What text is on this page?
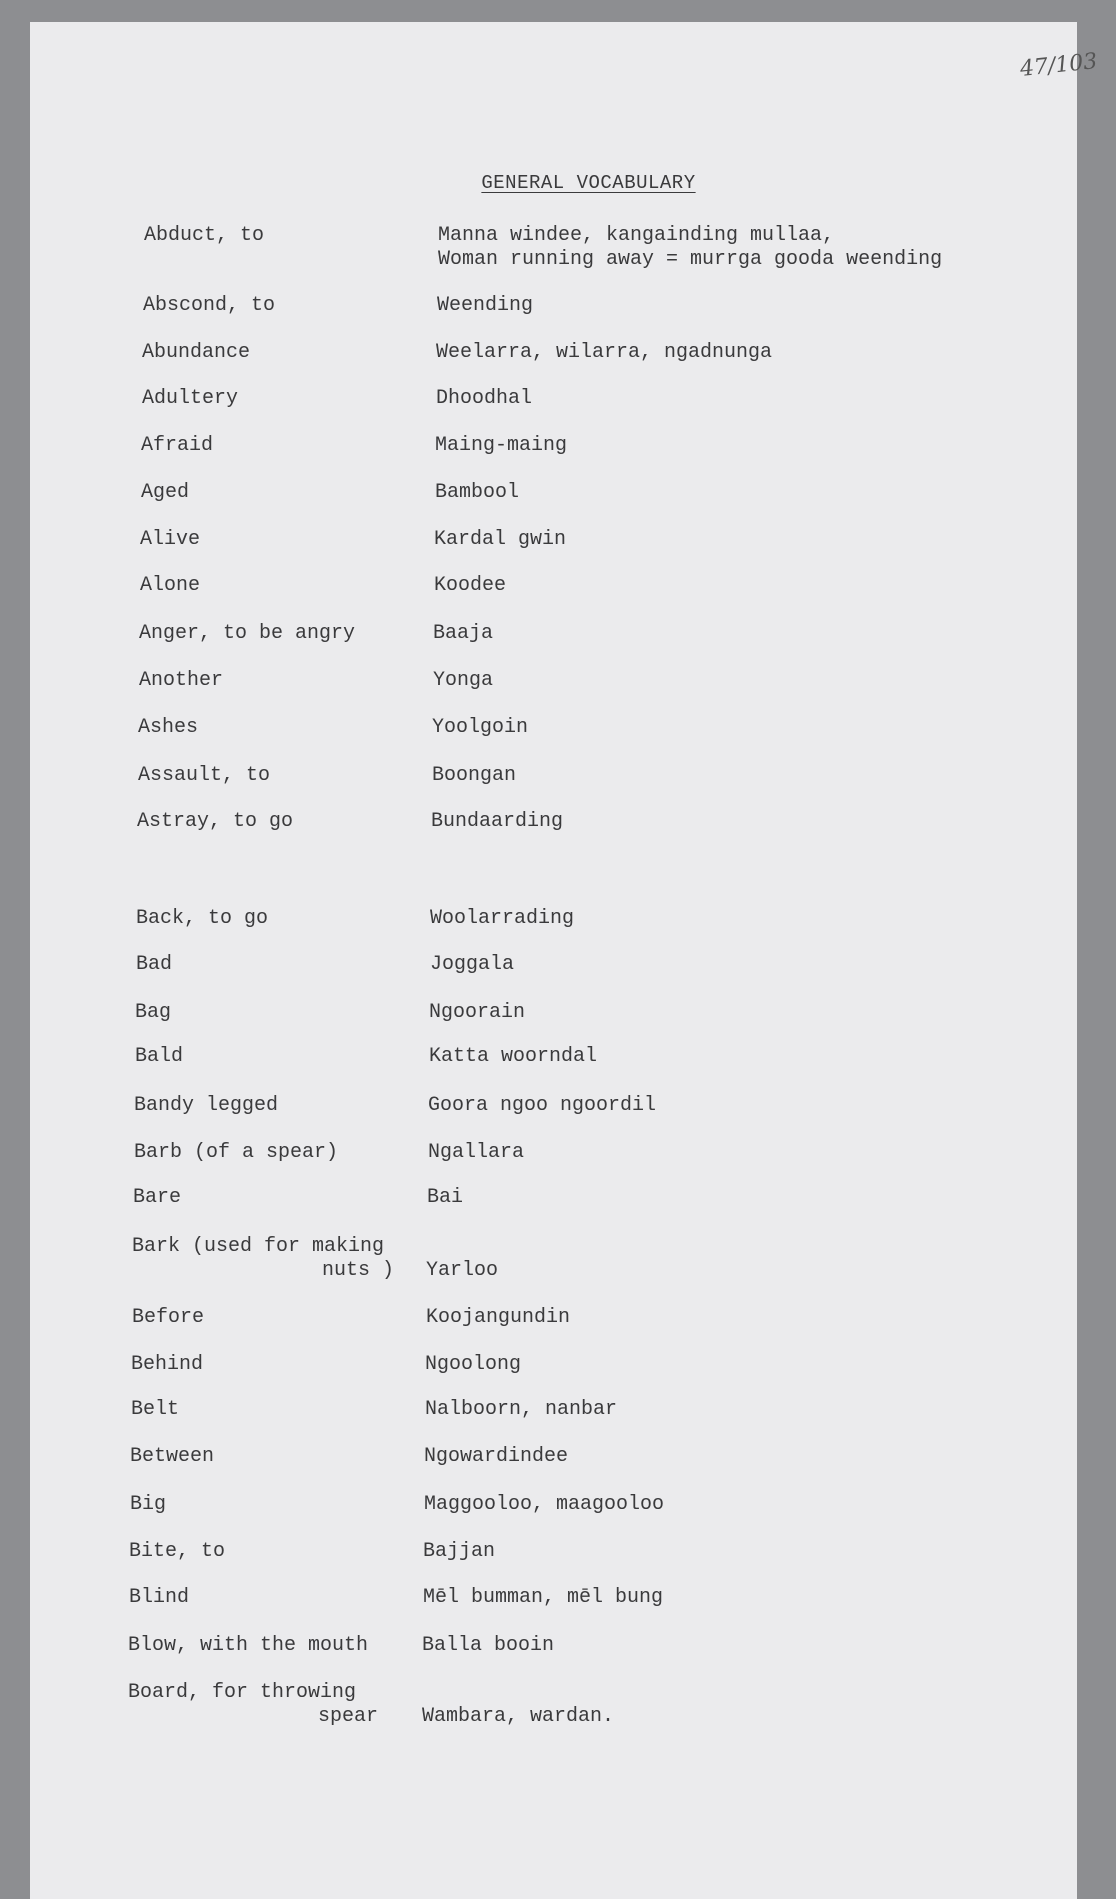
47/103
GENERAL VOCABULARY
Abduct, to	Manna windee, kangainding mullaa,
Woman running away = murrga gooda weending
Abscond, to	Weending
Abundance	Weelarra, wilarra, ngadnunga
Adultery	Dhoodhal
Afraid	Maing-maing
Aged	Bambool
Alive	Kardal gwin
Alone	Koodee
Anger, to be angry	Baaja
Another	Yonga
Ashes	Yoolgoin
Assault, to	Boongan
Astray, to go	Bundaarding
Back, to go	Woolarrading
Bad	Joggala
Bag	Ngoorain
Bald	Katta woorndal
Bandy legged	Goora ngoo ngoordil
Barb (of a spear)	Ngallara
Bare	Bai
Bark (used for making
nuts ) Yarloo
Before	Koojangundin
Behind	Ngoolong
Belt	Nalboorn, nanbar
Between	Ngowardindee
Big	Maggooloo, maagooloo
Bite, to	Bajjan
Blind	Mēl bumman, mēl bung
Blow, with the mouth	Balla booin
Board, for throwing
spear Wambara, wardan.
